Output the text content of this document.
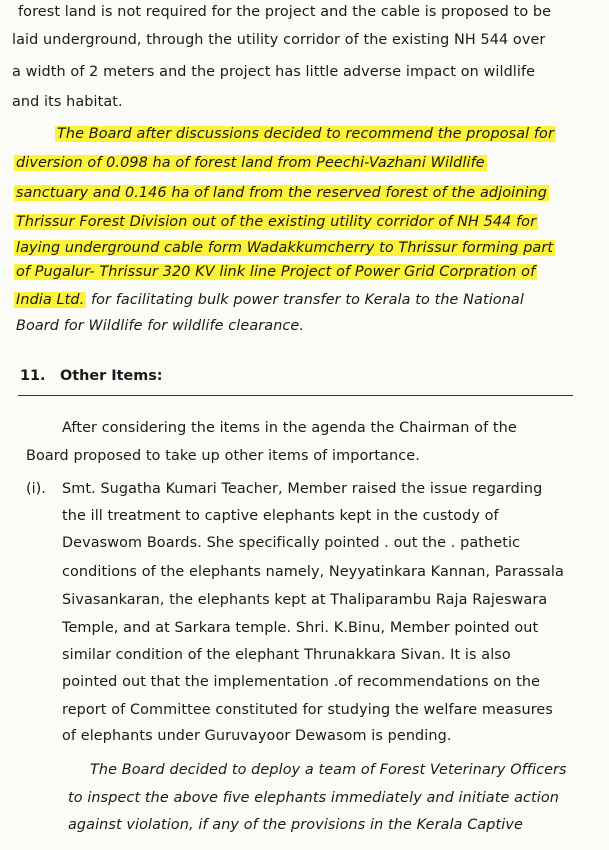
forest land is not required for the project and the cable is proposed to be
laid underground, through the utility corridor of the existing NH 544 over
a width of 2 meters and the project has little adverse impact on wildlife
and its habitat.
The Board after discussions decided to recommend the proposal for
diversion of 0.098 ha of forest land from Peechi-Vazhani Wildlife
sanctuary and 0.146 ha of land from the reserved forest of the adjoining
Thrissur Forest Division out of the existing utility corridor of NH 544 for
laying underground cable form Wadakkumcherry to Thrissur forming part
of Pugalur- Thrissur 320 KV link line Project of Power Grid Corpration of
India Ltd. for facilitating bulk power transfer to Kerala to the National
Board for Wildlife for wildlife clearance.
11. Other Items:
After considering the items in the agenda the Chairman of the
Board proposed to take up other items of importance.
(i). Smt. Sugatha Kumari Teacher, Member raised the issue regarding
the ill treatment to captive elephants kept in the custody of
Devaswom Boards. She specifically pointed . out the . pathetic
conditions of the elephants namely, Neyyatinkara Kannan, Parassala
Sivasankaran, the elephants kept at Thaliparambu Raja Rajeswara
Temple, and at Sarkara temple. Shri. K.Binu, Member pointed out
similar condition of the elephant Thrunakkara Sivan. It is also
pointed out that the implementation .of recommendations on the
report of Committee constituted for studying the welfare measures
of elephants under Guruvayoor Dewasom is pending.
The Board decided to deploy a team of Forest Veterinary Officers
to inspect the above five elephants immediately and initiate action
against violation, if any of the provisions in the Kerala Captive
